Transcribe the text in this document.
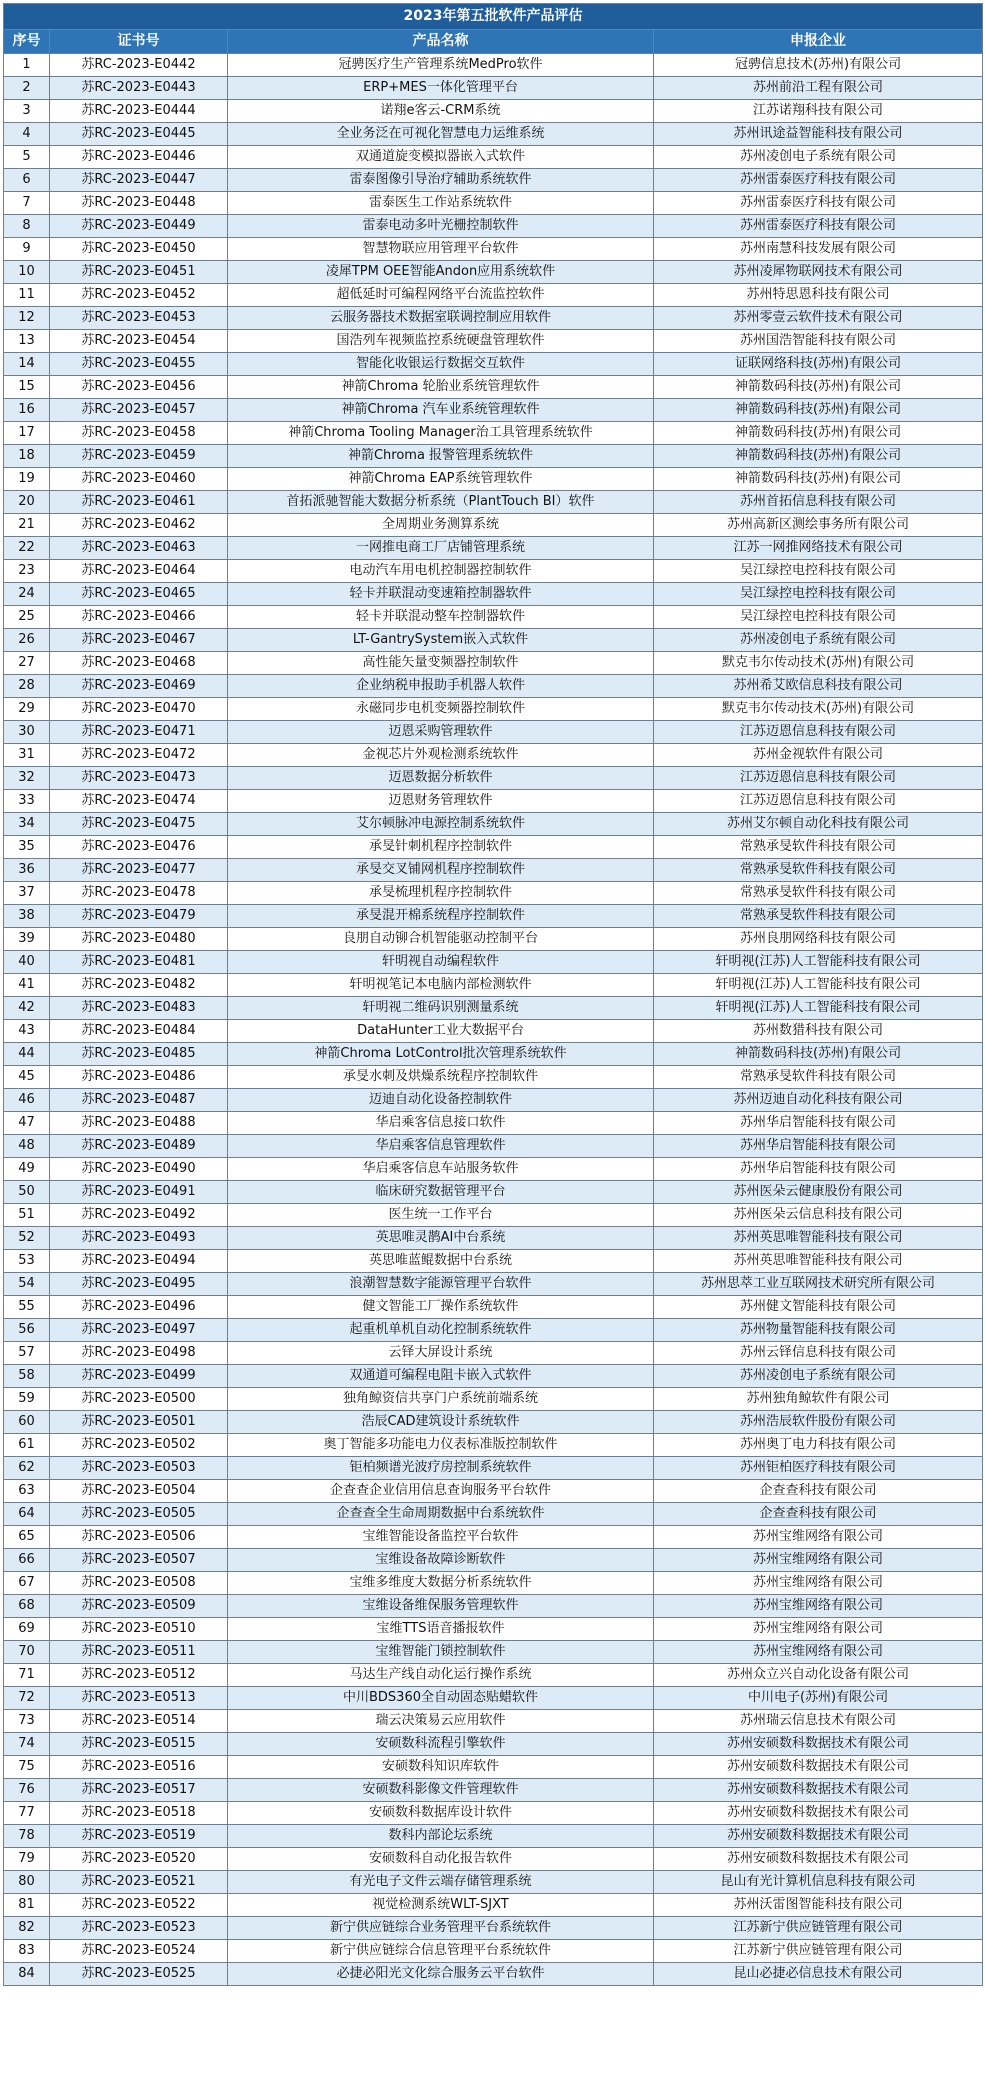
2023年第五批软件产品评估			
序号	证书号	产品名称	申报企业
1	苏RC-2023-E0442	冠骋医疗生产管理系统MedPro软件	冠骋信息技术(苏州)有限公司
2	苏RC-2023-E0443	ERP+MES一体化管理平台	苏州前沿工程有限公司
3	苏RC-2023-E0444	诺翔e客云-CRM系统	江苏诺翔科技有限公司
4	苏RC-2023-E0445	全业务泛在可视化智慧电力运维系统	苏州讯途益智能科技有限公司
5	苏RC-2023-E0446	双通道旋变模拟器嵌入式软件	苏州凌创电子系统有限公司
6	苏RC-2023-E0447	雷泰图像引导治疗辅助系统软件	苏州雷泰医疗科技有限公司
7	苏RC-2023-E0448	雷泰医生工作站系统软件	苏州雷泰医疗科技有限公司
8	苏RC-2023-E0449	雷泰电动多叶光栅控制软件	苏州雷泰医疗科技有限公司
9	苏RC-2023-E0450	智慧物联应用管理平台软件	苏州南慧科技发展有限公司
10	苏RC-2023-E0451	凌犀TPM OEE智能Andon应用系统软件	苏州凌犀物联网技术有限公司
11	苏RC-2023-E0452	超低延时可编程网络平台流监控软件	苏州特思恩科技有限公司
12	苏RC-2023-E0453	云服务器技术数据室联调控制应用软件	苏州零壹云软件技术有限公司
13	苏RC-2023-E0454	国浩列车视频监控系统硬盘管理软件	苏州国浩智能科技有限公司
14	苏RC-2023-E0455	智能化收银运行数据交互软件	证联网络科技(苏州)有限公司
15	苏RC-2023-E0456	神箭Chroma 轮胎业系统管理软件	神箭数码科技(苏州)有限公司
16	苏RC-2023-E0457	神箭Chroma 汽车业系统管理软件	神箭数码科技(苏州)有限公司
17	苏RC-2023-E0458	神箭Chroma Tooling Manager治工具管理系统软件	神箭数码科技(苏州)有限公司
18	苏RC-2023-E0459	神箭Chroma 报警管理系统软件	神箭数码科技(苏州)有限公司
19	苏RC-2023-E0460	神箭Chroma EAP系统管理软件	神箭数码科技(苏州)有限公司
20	苏RC-2023-E0461	首拓派驰智能大数据分析系统（PlantTouch BI）软件	苏州首拓信息科技有限公司
21	苏RC-2023-E0462	全周期业务测算系统	苏州高新区测绘事务所有限公司
22	苏RC-2023-E0463	一网推电商工厂店铺管理系统	江苏一网推网络技术有限公司
23	苏RC-2023-E0464	电动汽车用电机控制器控制软件	吴江绿控电控科技有限公司
24	苏RC-2023-E0465	轻卡并联混动变速箱控制器软件	吴江绿控电控科技有限公司
25	苏RC-2023-E0466	轻卡并联混动整车控制器软件	吴江绿控电控科技有限公司
26	苏RC-2023-E0467	LT-GantrySystem嵌入式软件	苏州凌创电子系统有限公司
27	苏RC-2023-E0468	高性能矢量变频器控制软件	默克韦尔传动技术(苏州)有限公司
28	苏RC-2023-E0469	企业纳税申报助手机器人软件	苏州希艾欧信息科技有限公司
29	苏RC-2023-E0470	永磁同步电机变频器控制软件	默克韦尔传动技术(苏州)有限公司
30	苏RC-2023-E0471	迈恩采购管理软件	江苏迈恩信息科技有限公司
31	苏RC-2023-E0472	金视芯片外观检测系统软件	苏州金视软件有限公司
32	苏RC-2023-E0473	迈恩数据分析软件	江苏迈恩信息科技有限公司
33	苏RC-2023-E0474	迈恩财务管理软件	江苏迈恩信息科技有限公司
34	苏RC-2023-E0475	艾尔顿脉冲电源控制系统软件	苏州艾尔顿自动化科技有限公司
35	苏RC-2023-E0476	承旻针刺机程序控制软件	常熟承旻软件科技有限公司
36	苏RC-2023-E0477	承旻交叉铺网机程序控制软件	常熟承旻软件科技有限公司
37	苏RC-2023-E0478	承旻梳理机程序控制软件	常熟承旻软件科技有限公司
38	苏RC-2023-E0479	承旻混开棉系统程序控制软件	常熟承旻软件科技有限公司
39	苏RC-2023-E0480	良朋自动铆合机智能驱动控制平台	苏州良朋网络科技有限公司
40	苏RC-2023-E0481	轩明视自动编程软件	轩明视(江苏)人工智能科技有限公司
41	苏RC-2023-E0482	轩明视笔记本电脑内部检测软件	轩明视(江苏)人工智能科技有限公司
42	苏RC-2023-E0483	轩明视二维码识别测量系统	轩明视(江苏)人工智能科技有限公司
43	苏RC-2023-E0484	DataHunter工业大数据平台	苏州数猎科技有限公司
44	苏RC-2023-E0485	神箭Chroma LotControl批次管理系统软件	神箭数码科技(苏州)有限公司
45	苏RC-2023-E0486	承旻水刺及烘燥系统程序控制软件	常熟承旻软件科技有限公司
46	苏RC-2023-E0487	迈迪自动化设备控制软件	苏州迈迪自动化科技有限公司
47	苏RC-2023-E0488	华启乘客信息接口软件	苏州华启智能科技有限公司
48	苏RC-2023-E0489	华启乘客信息管理软件	苏州华启智能科技有限公司
49	苏RC-2023-E0490	华启乘客信息车站服务软件	苏州华启智能科技有限公司
50	苏RC-2023-E0491	临床研究数据管理平台	苏州医朵云健康股份有限公司
51	苏RC-2023-E0492	医生统一工作平台	苏州医朵云信息科技有限公司
52	苏RC-2023-E0493	英思唯灵鹊AI中台系统	苏州英思唯智能科技有限公司
53	苏RC-2023-E0494	英思唯蓝鲲数据中台系统	苏州英思唯智能科技有限公司
54	苏RC-2023-E0495	浪潮智慧数字能源管理平台软件	苏州思萃工业互联网技术研究所有限公司
55	苏RC-2023-E0496	健文智能工厂操作系统软件	苏州健文智能科技有限公司
56	苏RC-2023-E0497	起重机单机自动化控制系统软件	苏州物量智能科技有限公司
57	苏RC-2023-E0498	云铎大屏设计系统	苏州云铎信息科技有限公司
58	苏RC-2023-E0499	双通道可编程电阻卡嵌入式软件	苏州凌创电子系统有限公司
59	苏RC-2023-E0500	独角鲸资信共享门户系统前端系统	苏州独角鲸软件有限公司
60	苏RC-2023-E0501	浩辰CAD建筑设计系统软件	苏州浩辰软件股份有限公司
61	苏RC-2023-E0502	奥丁智能多功能电力仪表标准版控制软件	苏州奥丁电力科技有限公司
62	苏RC-2023-E0503	钜柏频谱光波疗房控制系统软件	苏州钜柏医疗科技有限公司
63	苏RC-2023-E0504	企查查企业信用信息查询服务平台软件	企查查科技有限公司
64	苏RC-2023-E0505	企查查全生命周期数据中台系统软件	企查查科技有限公司
65	苏RC-2023-E0506	宝维智能设备监控平台软件	苏州宝维网络有限公司
66	苏RC-2023-E0507	宝维设备故障诊断软件	苏州宝维网络有限公司
67	苏RC-2023-E0508	宝维多维度大数据分析系统软件	苏州宝维网络有限公司
68	苏RC-2023-E0509	宝维设备维保服务管理软件	苏州宝维网络有限公司
69	苏RC-2023-E0510	宝维TTS语音播报软件	苏州宝维网络有限公司
70	苏RC-2023-E0511	宝维智能门锁控制软件	苏州宝维网络有限公司
71	苏RC-2023-E0512	马达生产线自动化运行操作系统	苏州众立兴自动化设备有限公司
72	苏RC-2023-E0513	中川BDS360全自动固态贴蜡软件	中川电子(苏州)有限公司
73	苏RC-2023-E0514	瑞云决策易云应用软件	苏州瑞云信息技术有限公司
74	苏RC-2023-E0515	安硕数科流程引擎软件	苏州安硕数科数据技术有限公司
75	苏RC-2023-E0516	安硕数科知识库软件	苏州安硕数科数据技术有限公司
76	苏RC-2023-E0517	安硕数科影像文件管理软件	苏州安硕数科数据技术有限公司
77	苏RC-2023-E0518	安硕数科数据库设计软件	苏州安硕数科数据技术有限公司
78	苏RC-2023-E0519	数科内部论坛系统	苏州安硕数科数据技术有限公司
79	苏RC-2023-E0520	安硕数科自动化报告软件	苏州安硕数科数据技术有限公司
80	苏RC-2023-E0521	有光电子文件云端存储管理系统	昆山有光计算机信息科技有限公司
81	苏RC-2023-E0522	视觉检测系统WLT-SJXT	苏州沃雷图智能科技有限公司
82	苏RC-2023-E0523	新宁供应链综合业务管理平台系统软件	江苏新宁供应链管理有限公司
83	苏RC-2023-E0524	新宁供应链综合信息管理平台系统软件	江苏新宁供应链管理有限公司
84	苏RC-2023-E0525	必捷必阳光文化综合服务云平台软件	昆山必捷必信息技术有限公司
